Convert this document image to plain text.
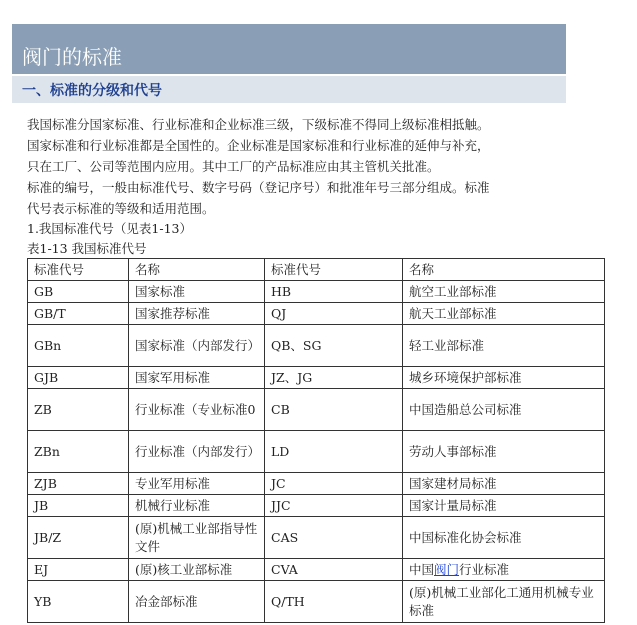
阀门的标准
一、标准的分级和代号
我国标准分国家标准、行业标准和企业标准三级，下级标准不得同上级标准相抵触。
国家标准和行业标准都是全国性的。企业标准是国家标准和行业标准的延伸与补充，
只在工厂、公司等范围内应用。其中工厂的产品标准应由其主管机关批准。
标准的编号，一般由标准代号、数字号码（登记序号）和批准年号三部分组成。标准
代号表示标准的等级和适用范围。
1.我国标准代号（见表1-13）
表1-13 我国标准代号
标准代号	名称	标准代号	名称
GB	国家标准	HB	航空工业部标准
GB/T	国家推荐标准	QJ	航天工业部标准
GBn	国家标准（内部发行）	QB、SG	轻工业部标准
GJB	国家军用标准	JZ、JG	城乡环境保护部标准
ZB	行业标准（专业标准0	CB	中国造船总公司标准
ZBn	行业标准（内部发行）	LD	劳动人事部标准
ZJB	专业军用标准	JC	国家建材局标准
JB	机械行业标准	JJC	国家计量局标准
JB/Z	(原)机械工业部指导性文件	CAS	中国标准化协会标准
EJ	(原)核工业部标准	CVA	中国阀门行业标准
YB	冶金部标准	Q/TH	(原)机械工业部化工通用机械专业标准
